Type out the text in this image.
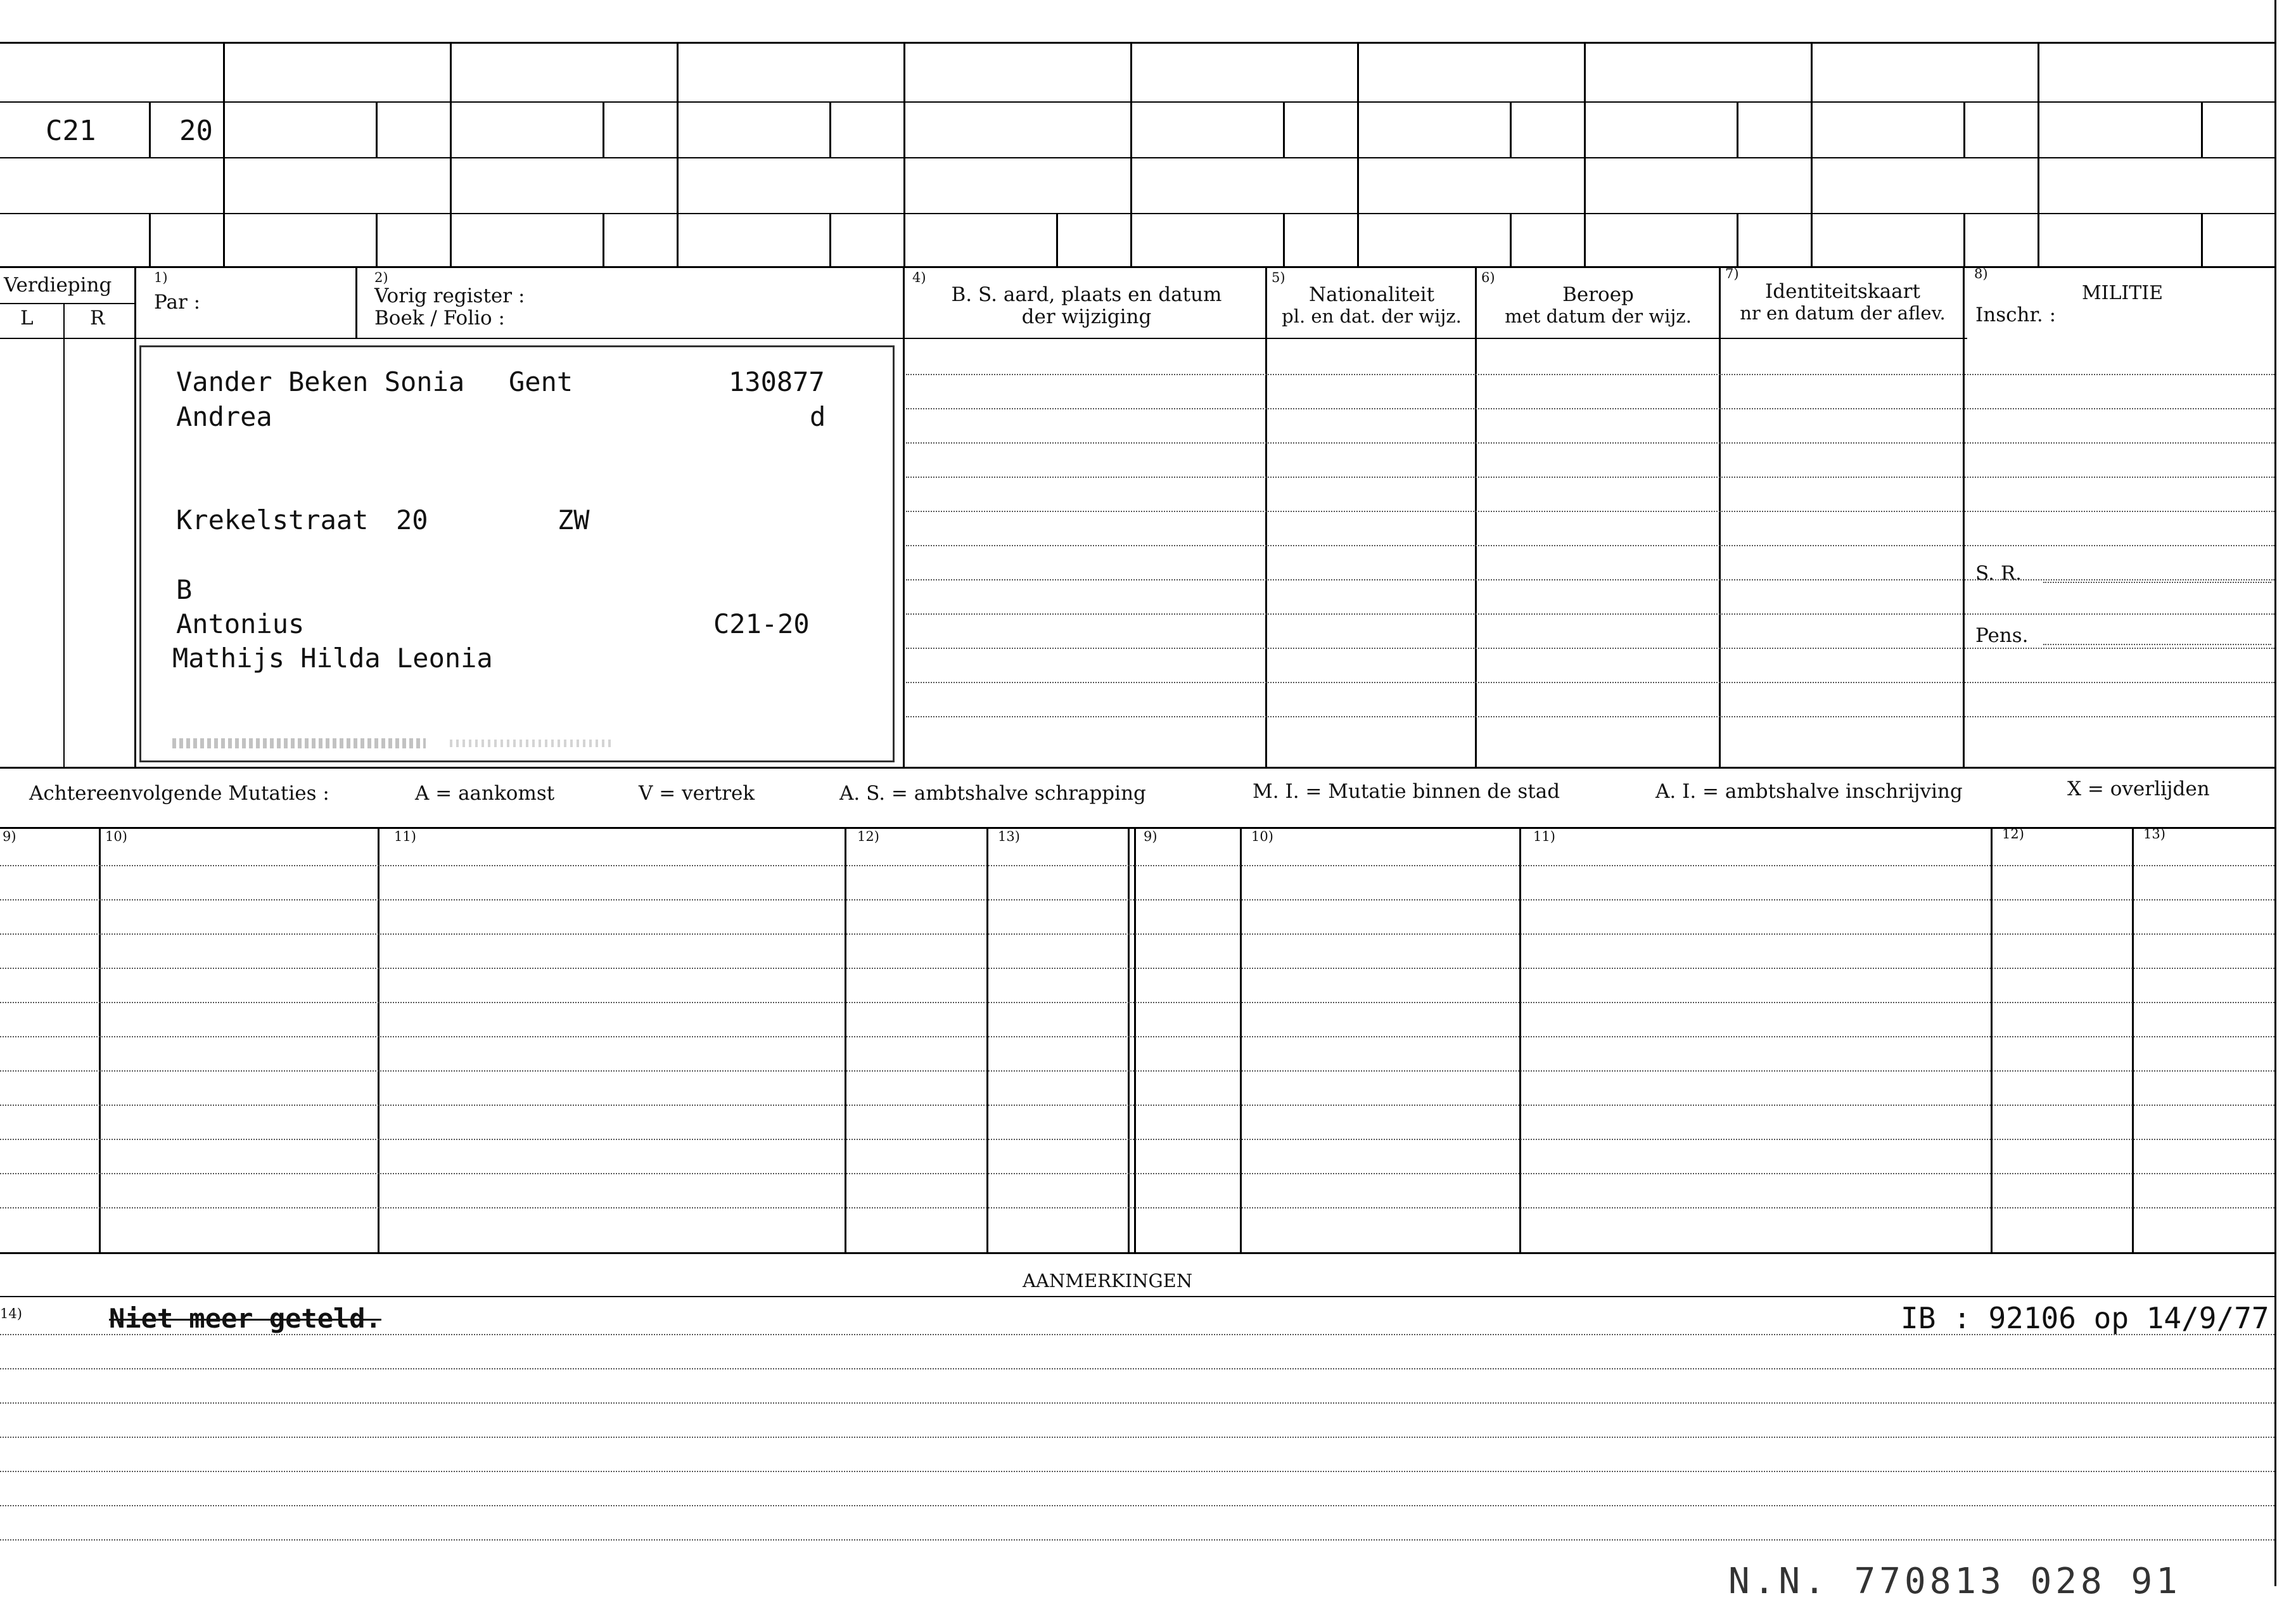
C21	20
Verdieping
L	R
1)
Par :
2)
Vorig register :
Boek / Folio :
4)
B. S. aard, plaats en datum
der wijziging
5)
Nationaliteit
pl. en dat. der wijz.
6)
Beroep
met datum der wijz.
7)
Identiteitskaart
nr en datum der aflev.
8)
MILITIE
Inschr. :
S. R.
Pens.
Vander Beken Sonia Gent	130877
Andrea	d
Krekelstraat 20	ZW
B
Antonius	C21-20
Mathijs Hilda Leonia
Achtereenvolgende Mutaties :	A = aankomst	V = vertrek	A. S. = ambtshalve schrapping	M. I. = Mutatie binnen de stad	A. I. = ambtshalve inschrijving	X = overlijden
9)	10)	11)	12)	13)	9)	10)	11)	12)	13)
AANMERKINGEN
14)	Niet meer geteld.	IB : 92106 op 14/9/77
N.N. 770813 028 91
